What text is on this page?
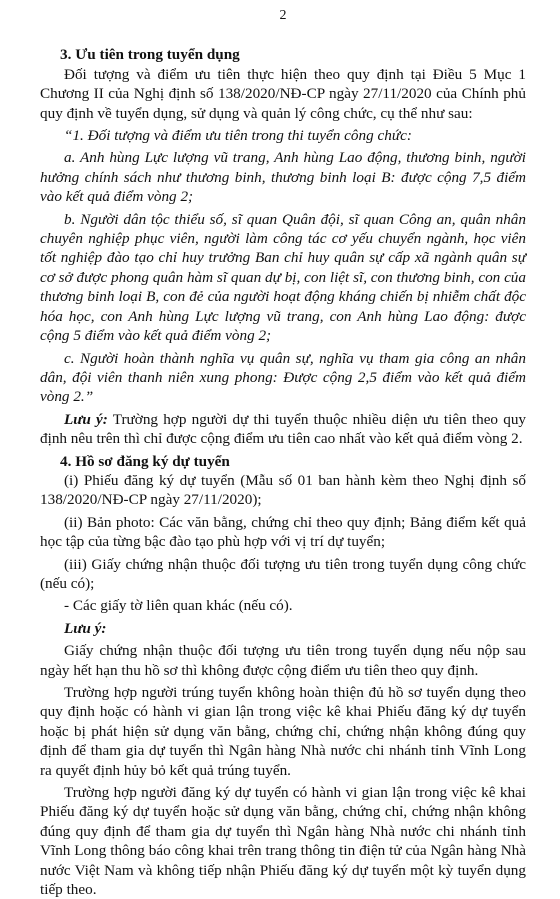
2
3. Ưu tiên trong tuyển dụng

Đối tượng và điểm ưu tiên thực hiện theo quy định tại Điều 5 Mục 1 Chương II của Nghị định số 138/2020/NĐ-CP ngày 27/11/2020 của Chính phủ quy định về tuyển dụng, sử dụng và quản lý công chức, cụ thể như sau:

“1. Đối tượng và điểm ưu tiên trong thi tuyển công chức:

a. Anh hùng Lực lượng vũ trang, Anh hùng Lao động, thương binh, người hưởng chính sách như thương binh, thương binh loại B: được cộng 7,5 điểm vào kết quả điểm vòng 2;

b. Người dân tộc thiểu số, sĩ quan Quân đội, sĩ quan Công an, quân nhân chuyên nghiệp phục viên, người làm công tác cơ yếu chuyển ngành, học viên tốt nghiệp đào tạo chỉ huy trưởng Ban chỉ huy quân sự cấp xã ngành quân sự cơ sở được phong quân hàm sĩ quan dự bị, con liệt sĩ, con thương binh, con của thương binh loại B, con đẻ của người hoạt động kháng chiến bị nhiễm chất độc hóa học, con Anh hùng Lực lượng vũ trang, con Anh hùng Lao động: được cộng 5 điểm vào kết quả điểm vòng 2;

c. Người hoàn thành nghĩa vụ quân sự, nghĩa vụ tham gia công an nhân dân, đội viên thanh niên xung phong: Được cộng 2,5 điểm vào kết quả điểm vòng 2.”

Lưu ý: Trường hợp người dự thi tuyển thuộc nhiều diện ưu tiên theo quy định nêu trên thì chỉ được cộng điểm ưu tiên cao nhất vào kết quả điểm vòng 2.

4. Hồ sơ đăng ký dự tuyển

(i) Phiếu đăng ký dự tuyển (Mẫu số 01 ban hành kèm theo Nghị định số 138/2020/NĐ-CP ngày 27/11/2020);

(ii) Bản photo: Các văn bằng, chứng chỉ theo quy định; Bảng điểm kết quả học tập của từng bậc đào tạo phù hợp với vị trí dự tuyển;

(iii) Giấy chứng nhận thuộc đối tượng ưu tiên trong tuyển dụng công chức (nếu có);

- Các giấy tờ liên quan khác (nếu có).

Lưu ý:

Giấy chứng nhận thuộc đối tượng ưu tiên trong tuyển dụng nếu nộp sau ngày hết hạn thu hồ sơ thì không được cộng điểm ưu tiên theo quy định.

Trường hợp người trúng tuyển không hoàn thiện đủ hồ sơ tuyển dụng theo quy định hoặc có hành vi gian lận trong việc kê khai Phiếu đăng ký dự tuyển hoặc bị phát hiện sử dụng văn bằng, chứng chỉ, chứng nhận không đúng quy định để tham gia dự tuyển thì Ngân hàng Nhà nước chi nhánh tỉnh Vĩnh Long ra quyết định hủy bỏ kết quả trúng tuyển.

Trường hợp người đăng ký dự tuyển có hành vi gian lận trong việc kê khai Phiếu đăng ký dự tuyển hoặc sử dụng văn bằng, chứng chỉ, chứng nhận không đúng quy định để tham gia dự tuyển thì Ngân hàng Nhà nước chi nhánh tỉnh Vĩnh Long thông báo công khai trên trang thông tin điện tử của Ngân hàng Nhà nước Việt Nam và không tiếp nhận Phiếu đăng ký dự tuyển một kỳ tuyển dụng tiếp theo.
